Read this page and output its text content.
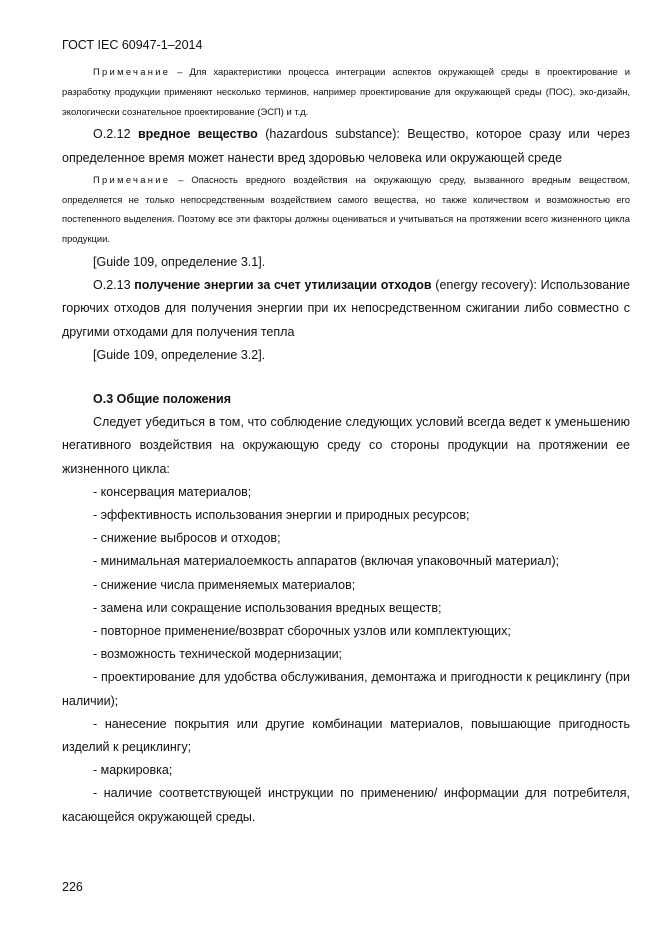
ГОСТ IEC 60947-1–2014

Примечание – Для характеристики процесса интеграции аспектов окружающей среды в проектирование и разработку продукции применяют несколько терминов, например проектирование для окружающей среды (ПОС), эко-дизайн, экологически сознательное проектирование (ЭСП) и т.д.

О.2.12 вредное вещество (hazardous substance): Вещество, которое сразу или через определенное время может нанести вред здоровью человека или окружающей среде

Примечание – Опасность вредного воздействия на окружающую среду, вызванного вредным веществом, определяется не только непосредственным воздействием самого вещества, но также количеством и возможностью его постепенного выделения. Поэтому все эти факторы должны оцениваться и учитываться на протяжении всего жизненного цикла продукции.

[Guide 109, определение 3.1].

О.2.13 получение энергии за счет утилизации отходов (energy recovery): Использование горючих отходов для получения энергии при их непосредственном сжигании либо совместно с другими отходами для получения тепла

[Guide 109, определение 3.2].

О.3 Общие положения

Следует убедиться в том, что соблюдение следующих условий всегда ведет к уменьшению негативного воздействия на окружающую среду со стороны продукции на протяжении ее жизненного цикла:

- консервация материалов;

- эффективность использования энергии и природных ресурсов;

- снижение выбросов и отходов;

- минимальная материалоемкость аппаратов (включая упаковочный материал);

- снижение числа применяемых материалов;

- замена или сокращение использования вредных веществ;

- повторное применение/возврат сборочных узлов или комплектующих;

- возможность технической модернизации;

- проектирование для удобства обслуживания, демонтажа и пригодности к рециклингу (при наличии);

- нанесение покрытия или другие комбинации материалов, повышающие пригодность изделий к рециклингу;

- маркировка;

- наличие соответствующей инструкции по применению/ информации для потребителя, касающейся окружающей среды.

226
